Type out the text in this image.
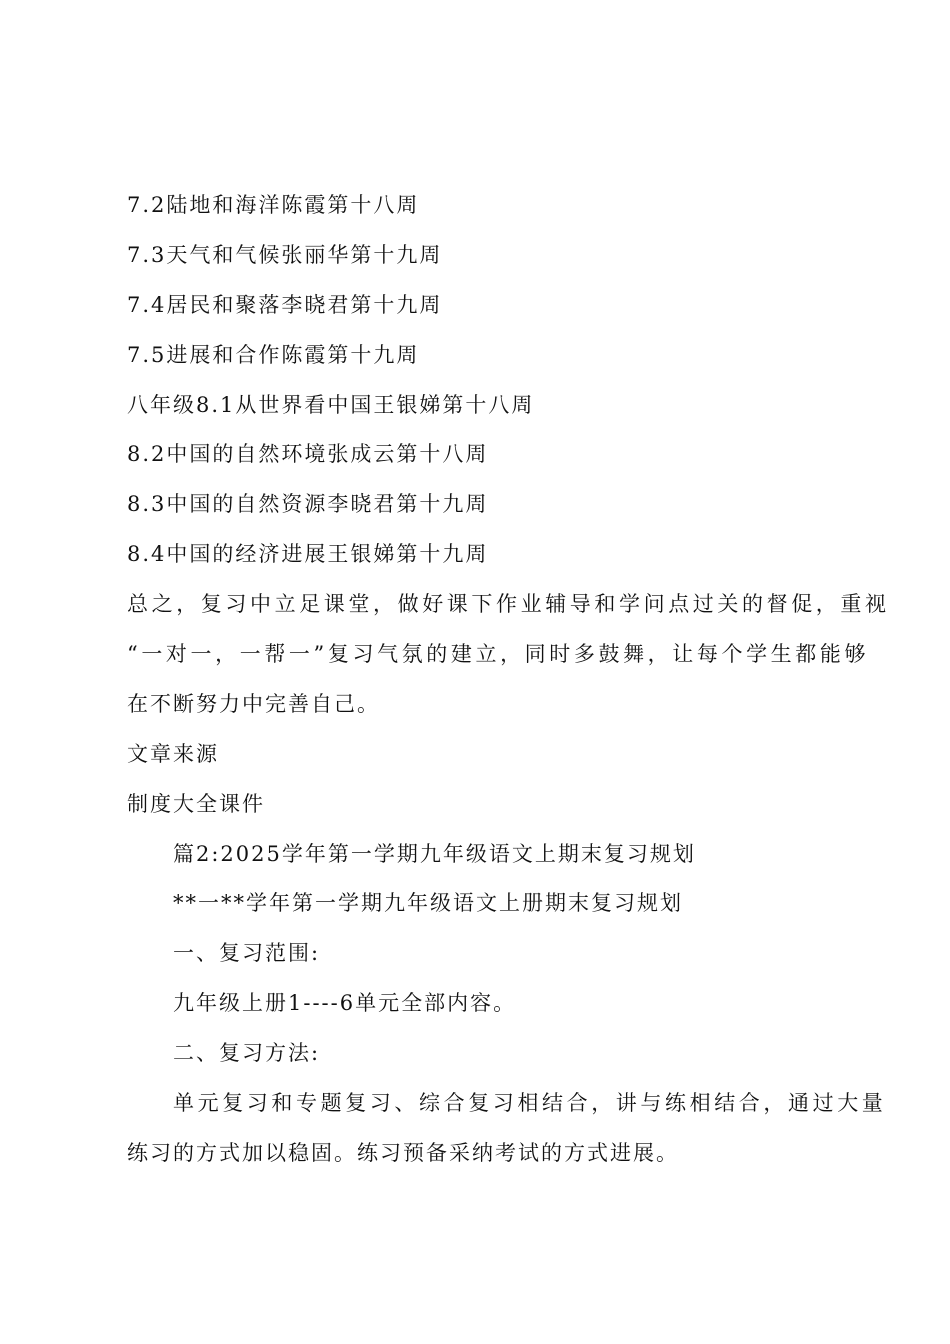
7.2陆地和海洋陈霞第十八周
7.3天气和气候张丽华第十九周
7.4居民和聚落李晓君第十九周
7.5进展和合作陈霞第十九周
八年级8.1从世界看中国王银娣第十八周
8.2中国的自然环境张成云第十八周
8.3中国的自然资源李晓君第十九周
8.4中国的经济进展王银娣第十九周
总之，复习中立足课堂，做好课下作业辅导和学问点过关的督促，重视
“一对一，一帮一”复习气氛的建立，同时多鼓舞，让每个学生都能够
在不断努力中完善自己。
文章来源
制度大全课件
篇2:2025学年第一学期九年级语文上期末复习规划
**一**学年第一学期九年级语文上册期末复习规划
一、复习范围:
九年级上册1----6单元全部内容。
二、复习方法:
单元复习和专题复习、综合复习相结合，讲与练相结合，通过大量
练习的方式加以稳固。练习预备采纳考试的方式进展。
